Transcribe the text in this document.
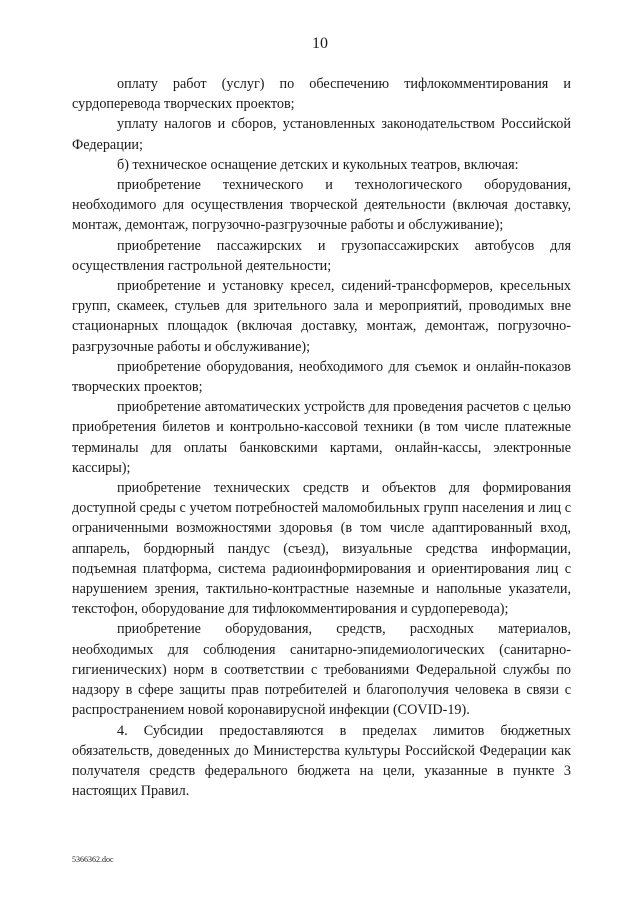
10

оплату работ (услуг) по обеспечению тифлокомментирования и сурдоперевода творческих проектов;

уплату налогов и сборов, установленных законодательством Российской Федерации;

б) техническое оснащение детских и кукольных театров, включая:

приобретение технического и технологического оборудования, необходимого для осуществления творческой деятельности (включая доставку, монтаж, демонтаж, погрузочно-разгрузочные работы и обслуживание);

приобретение пассажирских и грузопассажирских автобусов для осуществления гастрольной деятельности;

приобретение и установку кресел, сидений-трансформеров, кресельных групп, скамеек, стульев для зрительного зала и мероприятий, проводимых вне стационарных площадок (включая доставку, монтаж, демонтаж, погрузочно-разгрузочные работы и обслуживание);

приобретение оборудования, необходимого для съемок и онлайн-показов творческих проектов;

приобретение автоматических устройств для проведения расчетов с целью приобретения билетов и контрольно-кассовой техники (в том числе платежные терминалы для оплаты банковскими картами, онлайн-кассы, электронные кассиры);

приобретение технических средств и объектов для формирования доступной среды с учетом потребностей маломобильных групп населения и лиц с ограниченными возможностями здоровья (в том числе адаптированный вход, аппарель, бордюрный пандус (съезд), визуальные средства информации, подъемная платформа, система радиоинформирования и ориентирования лиц с нарушением зрения, тактильно-контрастные наземные и напольные указатели, текстофон, оборудование для тифлокомментирования и сурдоперевода);

приобретение оборудования, средств, расходных материалов, необходимых для соблюдения санитарно-эпидемиологических (санитарно-гигиенических) норм в соответствии с требованиями Федеральной службы по надзору в сфере защиты прав потребителей и благополучия человека в связи с распространением новой коронавирусной инфекции (COVID-19).

4. Субсидии предоставляются в пределах лимитов бюджетных обязательств, доведенных до Министерства культуры Российской Федерации как получателя средств федерального бюджета на цели, указанные в пункте 3 настоящих Правил.

5366362.doc
